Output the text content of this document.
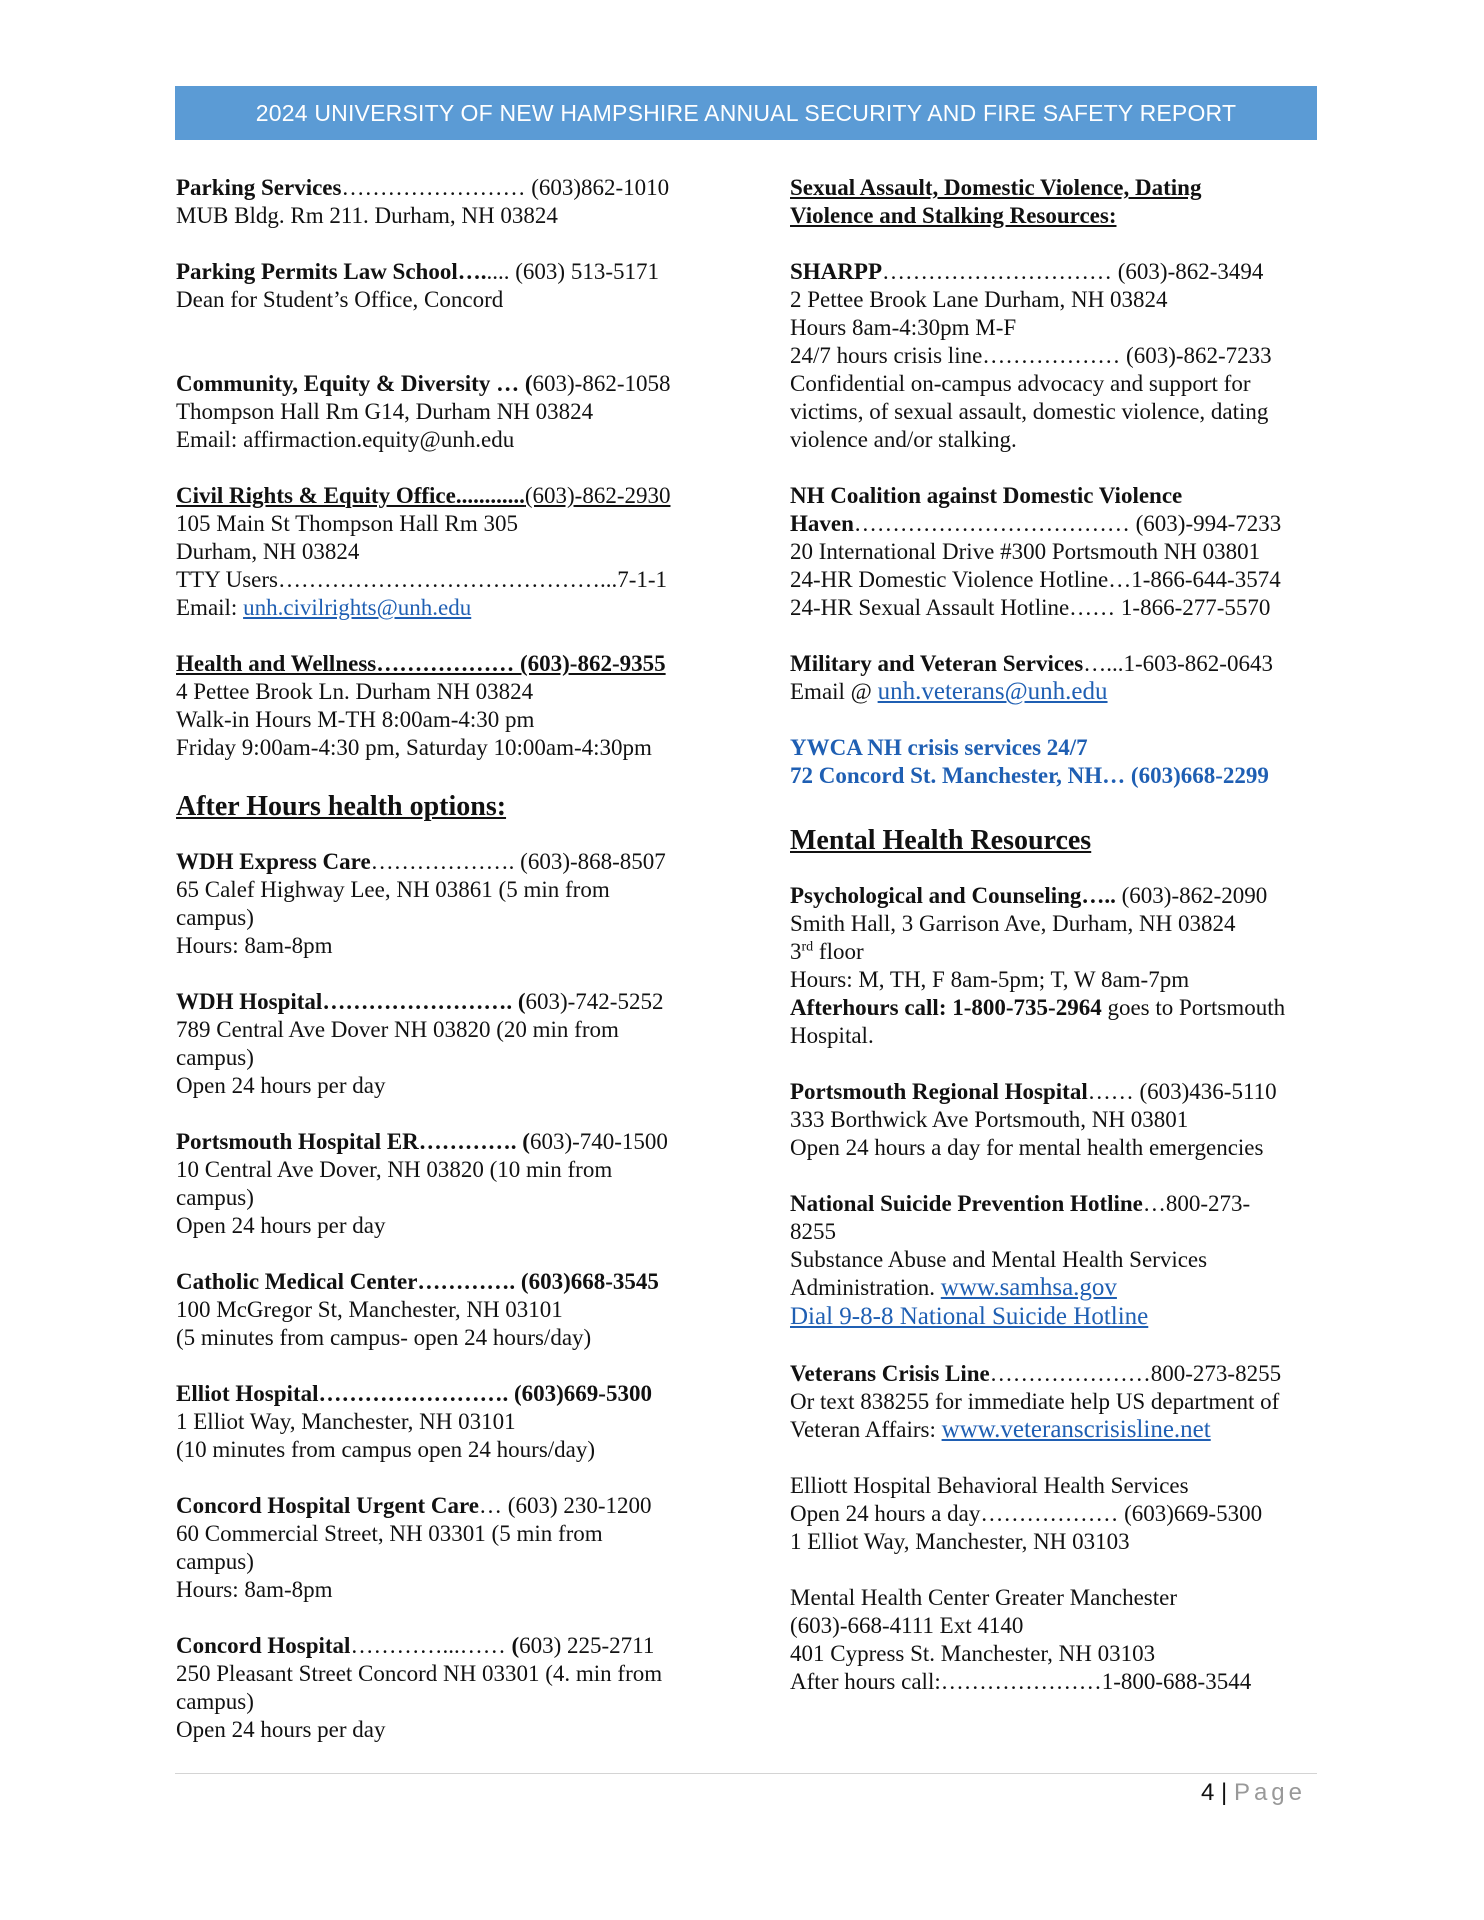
2024 UNIVERSITY OF NEW HAMPSHIRE ANNUAL SECURITY AND FIRE SAFETY REPORT

Parking Services…………………… (603)862-1010

MUB Bldg. Rm 211. Durham, NH 03824

Parking Permits Law School…..... (603) 513-5171

Dean for Student’s Office, Concord

Community, Equity & Diversity … (603)-862-1058

Thompson Hall Rm G14, Durham NH 03824

Email: affirmaction.equity@unh.edu

Civil Rights & Equity Office............(603)-862-2930

105 Main St Thompson Hall Rm 305

Durham, NH 03824

TTY Users……………………………………...7-1-1

Email: unh.civilrights@unh.edu

Health and Wellness……………… (603)-862-9355

4 Pettee Brook Ln. Durham NH 03824

Walk-in Hours M-TH 8:00am-4:30 pm

Friday 9:00am-4:30 pm, Saturday 10:00am-4:30pm

After Hours health options:

WDH Express Care………………. (603)-868-8507

65 Calef Highway Lee, NH 03861 (5 min from

campus)

Hours: 8am-8pm

WDH Hospital……………………. (603)-742-5252

789 Central Ave Dover NH 03820 (20 min from

campus)

Open 24 hours per day

Portsmouth Hospital ER…………. (603)-740-1500

10 Central Ave Dover, NH 03820 (10 min from

campus)

Open 24 hours per day

Catholic Medical Center…………. (603)668-3545

100 McGregor St, Manchester, NH 03101

(5 minutes from campus- open 24 hours/day)

Elliot Hospital……………………. (603)669-5300

1 Elliot Way, Manchester, NH 03101

(10 minutes from campus open 24 hours/day)

Concord Hospital Urgent Care… (603) 230-1200

60 Commercial Street, NH 03301 (5 min from

campus)

Hours: 8am-8pm

Concord Hospital…………...…… (603) 225-2711

250 Pleasant Street Concord NH 03301 (4. min from

campus)

Open 24 hours per day

Sexual Assault, Domestic Violence, Dating

Violence and Stalking Resources:

SHARPP………………………… (603)-862-3494

2 Pettee Brook Lane Durham, NH 03824

Hours 8am-4:30pm M-F

24/7 hours crisis line……………… (603)-862-7233

Confidential on-campus advocacy and support for

victims, of sexual assault, domestic violence, dating

violence and/or stalking.

NH Coalition against Domestic Violence

Haven……………………………… (603)-994-7233

20 International Drive #300 Portsmouth NH 03801

24-HR Domestic Violence Hotline…1-866-644-3574

24-HR Sexual Assault Hotline…… 1-866-277-5570

Military and Veteran Services…...1-603-862-0643

Email @ unh.veterans@unh.edu

YWCA NH crisis services 24/7

72 Concord St. Manchester, NH… (603)668-2299

Mental Health Resources

Psychological and Counseling….. (603)-862-2090

Smith Hall, 3 Garrison Ave, Durham, NH 03824

3rd floor

Hours: M, TH, F 8am-5pm; T, W 8am-7pm

Afterhours call: 1-800-735-2964 goes to Portsmouth

Hospital.

Portsmouth Regional Hospital…… (603)436-5110

333 Borthwick Ave Portsmouth, NH 03801

Open 24 hours a day for mental health emergencies

National Suicide Prevention Hotline…800-273-

8255

Substance Abuse and Mental Health Services

Administration. www.samhsa.gov

Dial 9-8-8 National Suicide Hotline

Veterans Crisis Line…………………800-273-8255

Or text 838255 for immediate help US department of

Veteran Affairs: www.veteranscrisisline.net

Elliott Hospital Behavioral Health Services

Open 24 hours a day……………… (603)669-5300

1 Elliot Way, Manchester, NH 03103

Mental Health Center Greater Manchester

(603)-668-4111 Ext 4140

401 Cypress St. Manchester, NH 03103

After hours call:…………………1-800-688-3544

4 | Page
